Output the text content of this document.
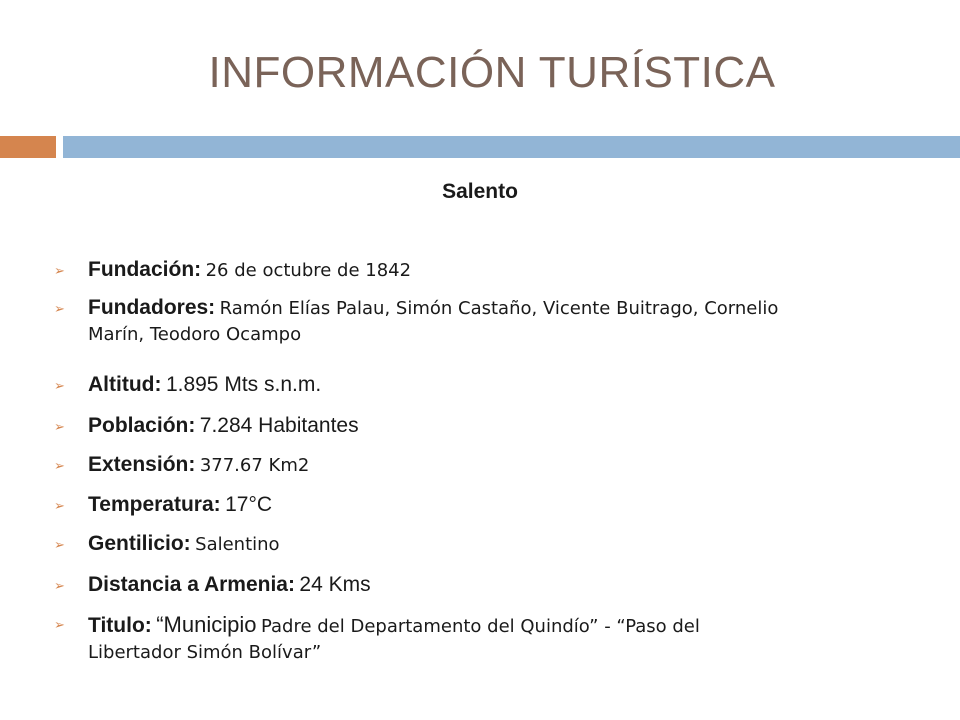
INFORMACIÓN TURÍSTICA
Salento
➢ Fundación: 26 de octubre de 1842
➢ Fundadores: Ramón Elías Palau, Simón Castaño, Vicente Buitrago, Cornelio
Marín, Teodoro Ocampo
➢ Altitud: 1.895 Mts s.n.m.
➢ Población: 7.284 Habitantes
➢ Extensión: 377.67 Km2
➢ Temperatura: 17°C
➢ Gentilicio: Salentino
➢ Distancia a Armenia: 24 Kms
➢ Titulo: “Municipio Padre del Departamento del Quindío” - “Paso del
Libertador Simón Bolívar”
